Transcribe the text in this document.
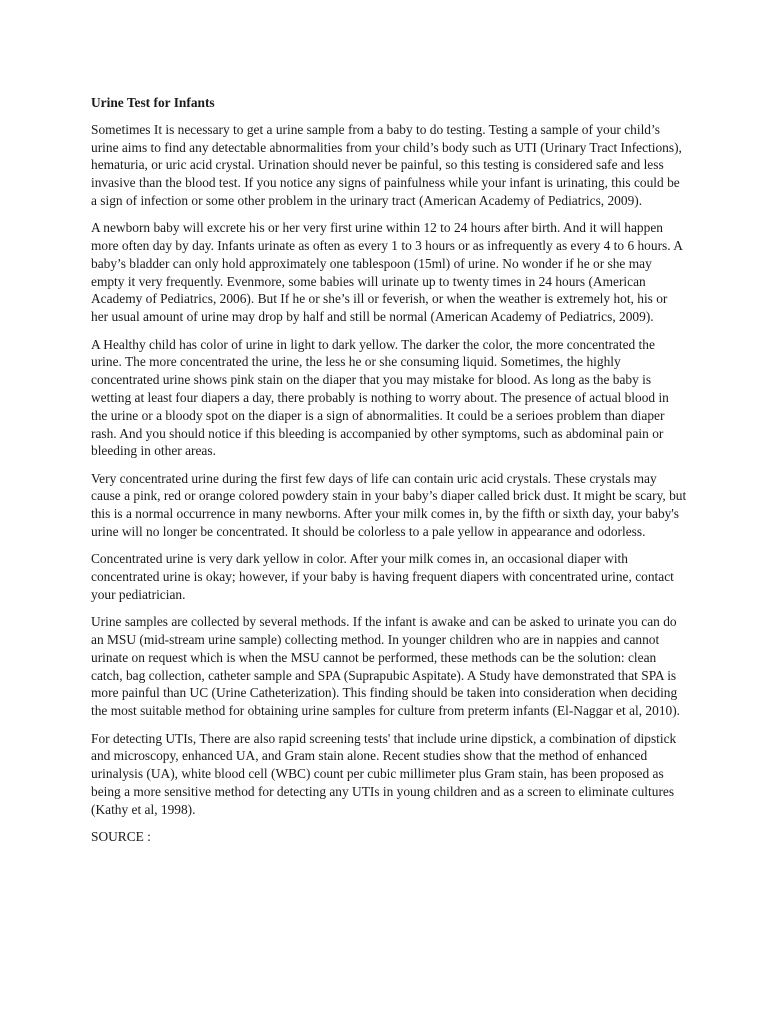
Urine Test for Infants

Sometimes It is necessary to get a urine sample from a baby to do testing. Testing a sample of your child’s urine aims to find any detectable abnormalities from your child’s body such as UTI (Urinary Tract Infections), hematuria, or uric acid crystal. Urination should never be painful, so this testing is considered safe and less invasive than the blood test. If you notice any signs of painfulness while your infant is urinating, this could be a sign of infection or some other problem in the urinary tract (American Academy of Pediatrics, 2009).

A newborn baby will excrete his or her very first urine within 12 to 24 hours after birth. And it will happen more often day by day. Infants urinate as often as every 1 to 3 hours or as infrequently as every 4 to 6 hours. A baby’s bladder can only hold approximately one tablespoon (15ml) of urine. No wonder if he or she may empty it very frequently. Evenmore, some babies will urinate up to twenty times in 24 hours (American Academy of Pediatrics, 2006). But If he or she’s ill or feverish, or when the weather is extremely hot, his or her usual amount of urine may drop by half and still be normal (American Academy of Pediatrics, 2009).

A Healthy child has color of urine in light to dark yellow. The darker the color, the more concentrated the urine. The more concentrated the urine, the less he or she consuming liquid. Sometimes, the highly concentrated urine shows pink stain on the diaper that you may mistake for blood. As long as the baby is wetting at least four diapers a day, there probably is nothing to worry about. The presence of actual blood in the urine or a bloody spot on the diaper is a sign of abnormalities. It could be a serioes problem than diaper rash. And you should notice if this bleeding is accompanied by other symptoms, such as abdominal pain or bleeding in other areas.

Very concentrated urine during the first few days of life can contain uric acid crystals. These crystals may cause a pink, red or orange colored powdery stain in your baby’s diaper called brick dust. It might be scary, but this is a normal occurrence in many newborns. After your milk comes in, by the fifth or sixth day, your baby's urine will no longer be concentrated. It should be colorless to a pale yellow in appearance and odorless.

Concentrated urine is very dark yellow in color. After your milk comes in, an occasional diaper with concentrated urine is okay; however, if your baby is having frequent diapers with concentrated urine, contact your pediatrician.

Urine samples are collected by several methods. If the infant is awake and can be asked to urinate you can do an MSU (mid-stream urine sample) collecting method. In younger children who are in nappies and cannot urinate on request which is when the MSU cannot be performed, these methods can be the solution: clean catch, bag collection, catheter sample and SPA (Suprapubic Aspitate). A Study have demonstrated that SPA is more painful than UC (Urine Catheterization). This finding should be taken into consideration when deciding the most suitable method for obtaining urine samples for culture from preterm infants (El-Naggar et al, 2010).

For detecting UTIs, There are also rapid screening tests' that include urine dipstick, a combination of dipstick and microscopy, enhanced UA, and Gram stain alone. Recent studies show that the method of enhanced urinalysis (UA), white blood cell (WBC) count per cubic millimeter plus Gram stain, has been proposed as being a more sensitive method for detecting any UTIs in young children and as a screen to eliminate cultures (Kathy et al, 1998).

SOURCE :
